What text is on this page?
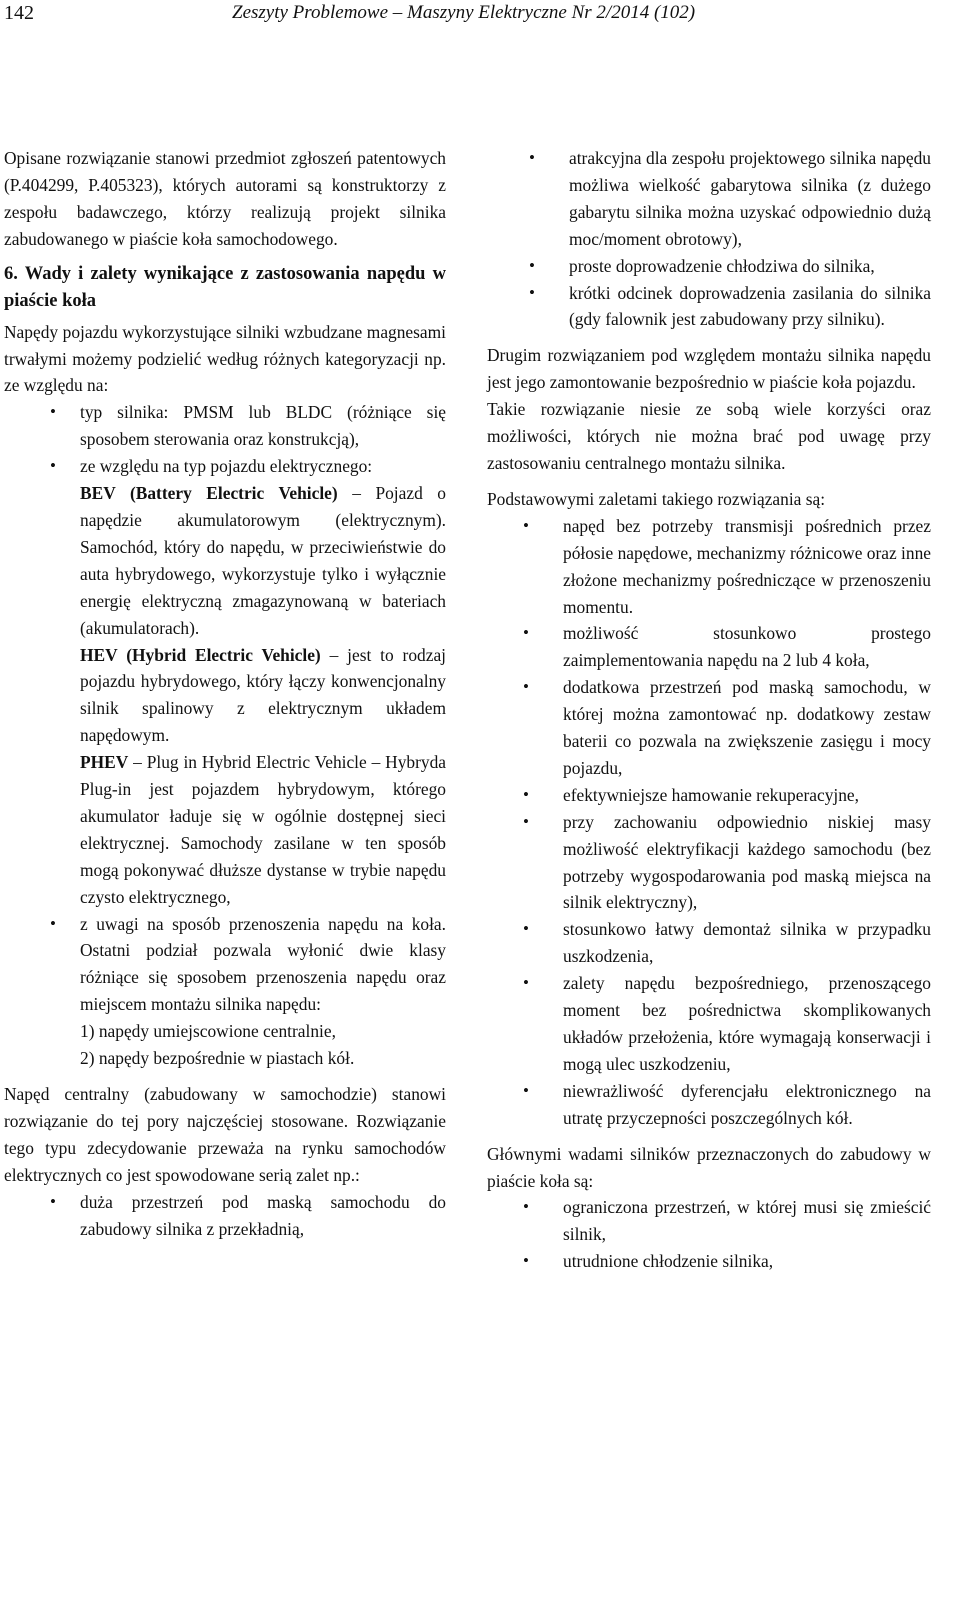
142	Zeszyty Problemowe – Maszyny Elektryczne Nr 2/2014 (102)

Opisane rozwiązanie stanowi przedmiot zgłoszeń patentowych (P.404299, P.405323), których autorami są konstruktorzy z zespołu badawczego, którzy realizują projekt silnika zabudowanego w piaście koła samochodowego.

6. Wady i zalety wynikające z zastosowania napędu w piaście koła

Napędy pojazdu wykorzystujące silniki wzbudzane magnesami trwałymi możemy podzielić według różnych kategoryzacji np. ze względu na:

• typ silnika: PMSM lub BLDC (różniące się sposobem sterowania oraz konstrukcją),
• ze względu na typ pojazdu elektrycznego:
BEV (Battery Electric Vehicle) – Pojazd o napędzie akumulatorowym (elektrycznym). Samochód, który do napędu, w przeciwieństwie do auta hybrydowego, wykorzystuje tylko i wyłącznie energię elektryczną zmagazynowaną w bateriach (akumulatorach).
HEV (Hybrid Electric Vehicle) – jest to rodzaj pojazdu hybrydowego, który łączy konwencjonalny silnik spalinowy z elektrycznym układem napędowym.
PHEV – Plug in Hybrid Electric Vehicle – Hybryda Plug-in jest pojazdem hybrydowym, którego akumulator ładuje się w ogólnie dostępnej sieci elektrycznej. Samochody zasilane w ten sposób mogą pokonywać dłuższe dystanse w trybie napędu czysto elektrycznego,
• z uwagi na sposób przenoszenia napędu na koła. Ostatni podział pozwala wyłonić dwie klasy różniące się sposobem przenoszenia napędu oraz miejscem montażu silnika napędu:
1) napędy umiejscowione centralnie,
2) napędy bezpośrednie w piastach kół.

Napęd centralny (zabudowany w samochodzie) stanowi rozwiązanie do tej pory najczęściej stosowane. Rozwiązanie tego typu zdecydowanie przeważa na rynku samochodów elektrycznych co jest spowodowane serią zalet np.:

• duża przestrzeń pod maską samochodu do zabudowy silnika z przekładnią,
• atrakcyjna dla zespołu projektowego silnika napędu możliwa wielkość gabarytowa silnika (z dużego gabarytu silnika można uzyskać odpowiednio dużą moc/moment obrotowy),
• proste doprowadzenie chłodziwa do silnika,
• krótki odcinek doprowadzenia zasilania do silnika (gdy falownik jest zabudowany przy silniku).

Drugim rozwiązaniem pod względem montażu silnika napędu jest jego zamontowanie bezpośrednio w piaście koła pojazdu.

Takie rozwiązanie niesie ze sobą wiele korzyści oraz możliwości, których nie można brać pod uwagę przy zastosowaniu centralnego montażu silnika.

Podstawowymi zaletami takiego rozwiązania są:

• napęd bez potrzeby transmisji pośrednich przez półosie napędowe, mechanizmy różnicowe oraz inne złożone mechanizmy pośredniczące w przenoszeniu momentu.
• możliwość stosunkowo prostego zaimplementowania napędu na 2 lub 4 koła,
• dodatkowa przestrzeń pod maską samochodu, w której można zamontować np. dodatkowy zestaw baterii co pozwala na zwiększenie zasięgu i mocy pojazdu,
• efektywniejsze hamowanie rekuperacyjne,
• przy zachowaniu odpowiednio niskiej masy możliwość elektryfikacji każdego samochodu (bez potrzeby wygospodarowania pod maską miejsca na silnik elektryczny),
• stosunkowo łatwy demontaż silnika w przypadku uszkodzenia,
• zalety napędu bezpośredniego, przenoszącego moment bez pośrednictwa skomplikowanych układów przełożenia, które wymagają konserwacji i mogą ulec uszkodzeniu,
• niewrażliwość dyferencjału elektronicznego na utratę przyczepności poszczególnych kół.

Głównymi wadami silników przeznaczonych do zabudowy w piaście koła są:

• ograniczona przestrzeń, w której musi się zmieścić silnik,
• utrudnione chłodzenie silnika,
